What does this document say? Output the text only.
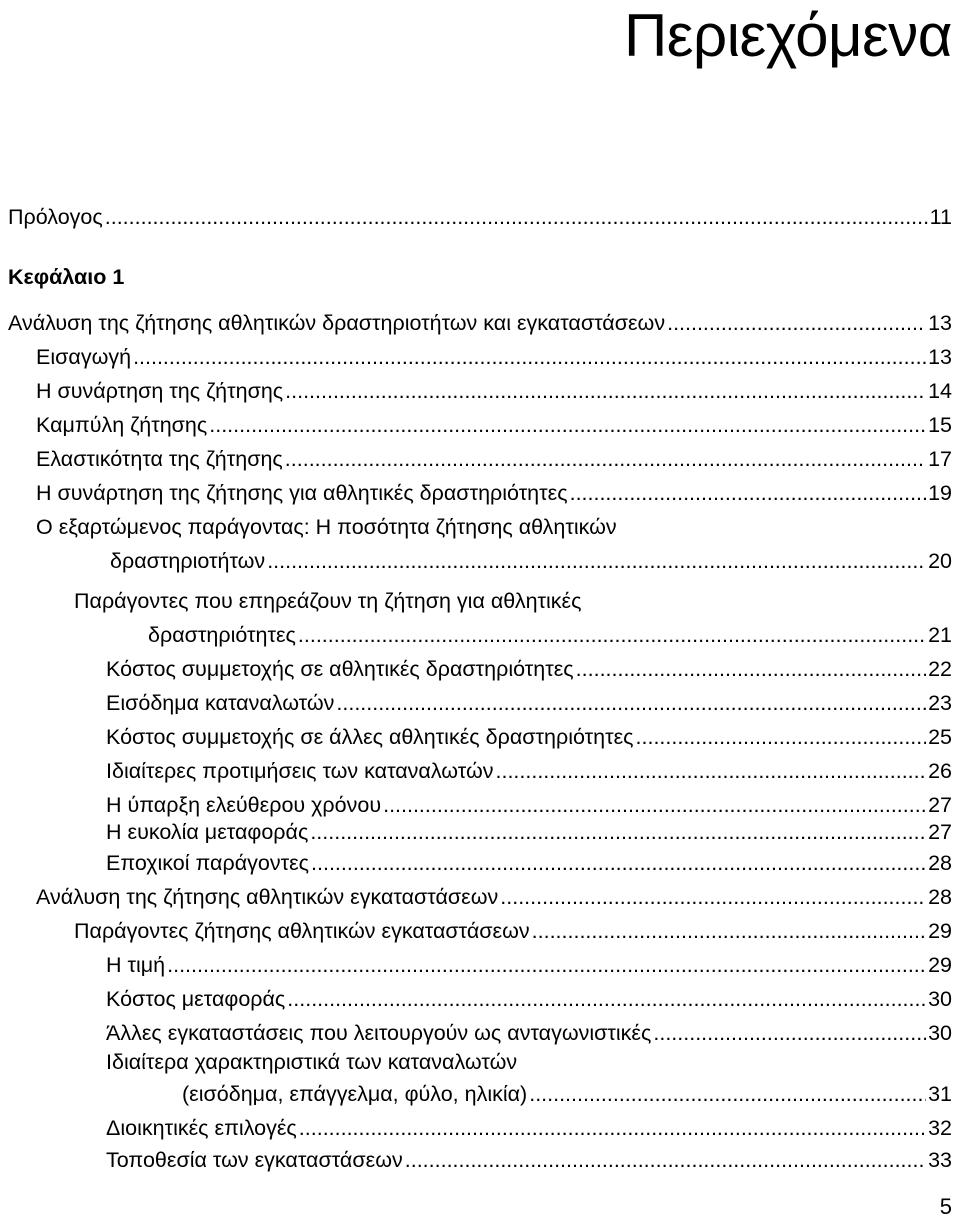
Περιεχόμενα
Πρόλογος .....	11
Κεφάλαιο 1
Ανάλυση της ζήτησης αθλητικών δραστηριοτήτων και εγκαταστάσεων .....	13
Εισαγωγή .....	13
Η συνάρτηση της ζήτησης .....	14
Καμπύλη ζήτησης .....	15
Ελαστικότητα της ζήτησης .....	17
Η συνάρτηση της ζήτησης για αθλητικές δραστηριότητες .....	19
Ο εξαρτώμενος παράγοντας: Η ποσότητα ζήτησης αθλητικών
δραστηριοτήτων .....	20
Παράγοντες που επηρεάζουν τη ζήτηση για αθλητικές
δραστηριότητες .....	21
Κόστος συμμετοχής σε αθλητικές δραστηριότητες .....	22
Εισόδημα καταναλωτών .....	23
Κόστος συμμετοχής σε άλλες αθλητικές δραστηριότητες .....	25
Ιδιαίτερες προτιμήσεις των καταναλωτών .....	26
Η ύπαρξη ελεύθερου χρόνου .....	27
Η ευκολία μεταφοράς .....	27
Εποχικοί παράγοντες .....	28
Ανάλυση της ζήτησης αθλητικών εγκαταστάσεων .....	28
Παράγοντες ζήτησης αθλητικών εγκαταστάσεων .....	29
Η τιμή .....	29
Κόστος μεταφοράς .....	30
Άλλες εγκαταστάσεις που λειτουργούν ως ανταγωνιστικές .....	30
Ιδιαίτερα χαρακτηριστικά των καταναλωτών
(εισόδημα, επάγγελμα, φύλο, ηλικία) .....	31
Διοικητικές επιλογές .....	32
Τοποθεσία των εγκαταστάσεων .....	33
5
